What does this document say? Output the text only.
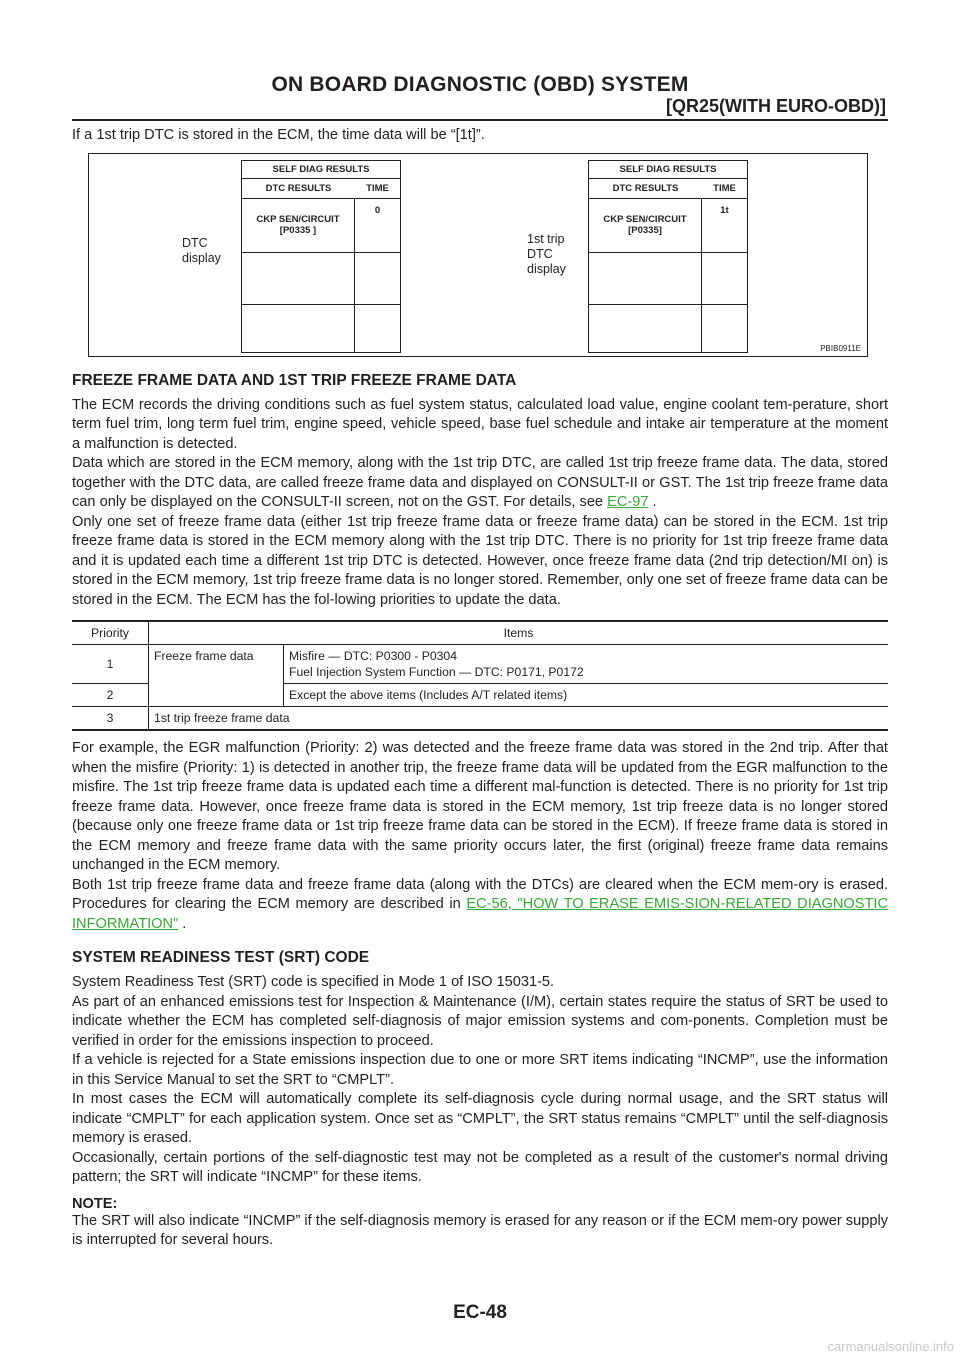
ON BOARD DIAGNOSTIC (OBD) SYSTEM
[QR25(WITH EURO-OBD)]

If a 1st trip DTC is stored in the ECM, the time data will be “[1t]”.

DTC
display
SELF DIAG RESULTS
DTC RESULTS	TIME
CKP SEN/CIRCUIT
[P0335 ]
0
1st trip
DTC
display
SELF DIAG RESULTS
DTC RESULTS	TIME
CKP SEN/CIRCUIT
[P0335]
1t
PBIB0911E
FREEZE FRAME DATA AND 1ST TRIP FREEZE FRAME DATA

The ECM records the driving conditions such as fuel system status, calculated load value, engine coolant tem-perature, short term fuel trim, long term fuel trim, engine speed, vehicle speed, base fuel schedule and intake air temperature at the moment a malfunction is detected.

Data which are stored in the ECM memory, along with the 1st trip DTC, are called 1st trip freeze frame data. The data, stored together with the DTC data, are called freeze frame data and displayed on CONSULT-II or GST. The 1st trip freeze frame data can only be displayed on the CONSULT-II screen, not on the GST. For details, see EC-97 .

Only one set of freeze frame data (either 1st trip freeze frame data or freeze frame data) can be stored in the ECM. 1st trip freeze frame data is stored in the ECM memory along with the 1st trip DTC. There is no priority for 1st trip freeze frame data and it is updated each time a different 1st trip DTC is detected. However, once freeze frame data (2nd trip detection/MI on) is stored in the ECM memory, 1st trip freeze frame data is no longer stored. Remember, only one set of freeze frame data can be stored in the ECM. The ECM has the fol-lowing priorities to update the data.

Priority	Items	
1	Freeze frame data	Misfire — DTC: P0300 - P0304
Fuel Injection System Function — DTC: P0171, P0172

2		Except the above items (Includes A/T related items)
3	1st trip freeze frame data	

For example, the EGR malfunction (Priority: 2) was detected and the freeze frame data was stored in the 2nd trip. After that when the misfire (Priority: 1) is detected in another trip, the freeze frame data will be updated from the EGR malfunction to the misfire. The 1st trip freeze frame data is updated each time a different mal-function is detected. There is no priority for 1st trip freeze frame data. However, once freeze frame data is stored in the ECM memory, 1st trip freeze data is no longer stored (because only one freeze frame data or 1st trip freeze frame data can be stored in the ECM). If freeze frame data is stored in the ECM memory and freeze frame data with the same priority occurs later, the first (original) freeze frame data remains unchanged in the ECM memory.

Both 1st trip freeze frame data and freeze frame data (along with the DTCs) are cleared when the ECM mem-ory is erased. Procedures for clearing the ECM memory are described in EC-56, "HOW TO ERASE EMIS-SION-RELATED DIAGNOSTIC INFORMATION" .

SYSTEM READINESS TEST (SRT) CODE

System Readiness Test (SRT) code is specified in Mode 1 of ISO 15031-5.

As part of an enhanced emissions test for Inspection & Maintenance (I/M), certain states require the status of SRT be used to indicate whether the ECM has completed self-diagnosis of major emission systems and com-ponents. Completion must be verified in order for the emissions inspection to proceed.

If a vehicle is rejected for a State emissions inspection due to one or more SRT items indicating “INCMP”, use the information in this Service Manual to set the SRT to “CMPLT”.

In most cases the ECM will automatically complete its self-diagnosis cycle during normal usage, and the SRT status will indicate “CMPLT” for each application system. Once set as “CMPLT”, the SRT status remains “CMPLT” until the self-diagnosis memory is erased.

Occasionally, certain portions of the self-diagnostic test may not be completed as a result of the customer's normal driving pattern; the SRT will indicate “INCMP” for these items.

NOTE:

The SRT will also indicate “INCMP” if the self-diagnosis memory is erased for any reason or if the ECM mem-ory power supply is interrupted for several hours.

EC-48
carmanualsonline.info
